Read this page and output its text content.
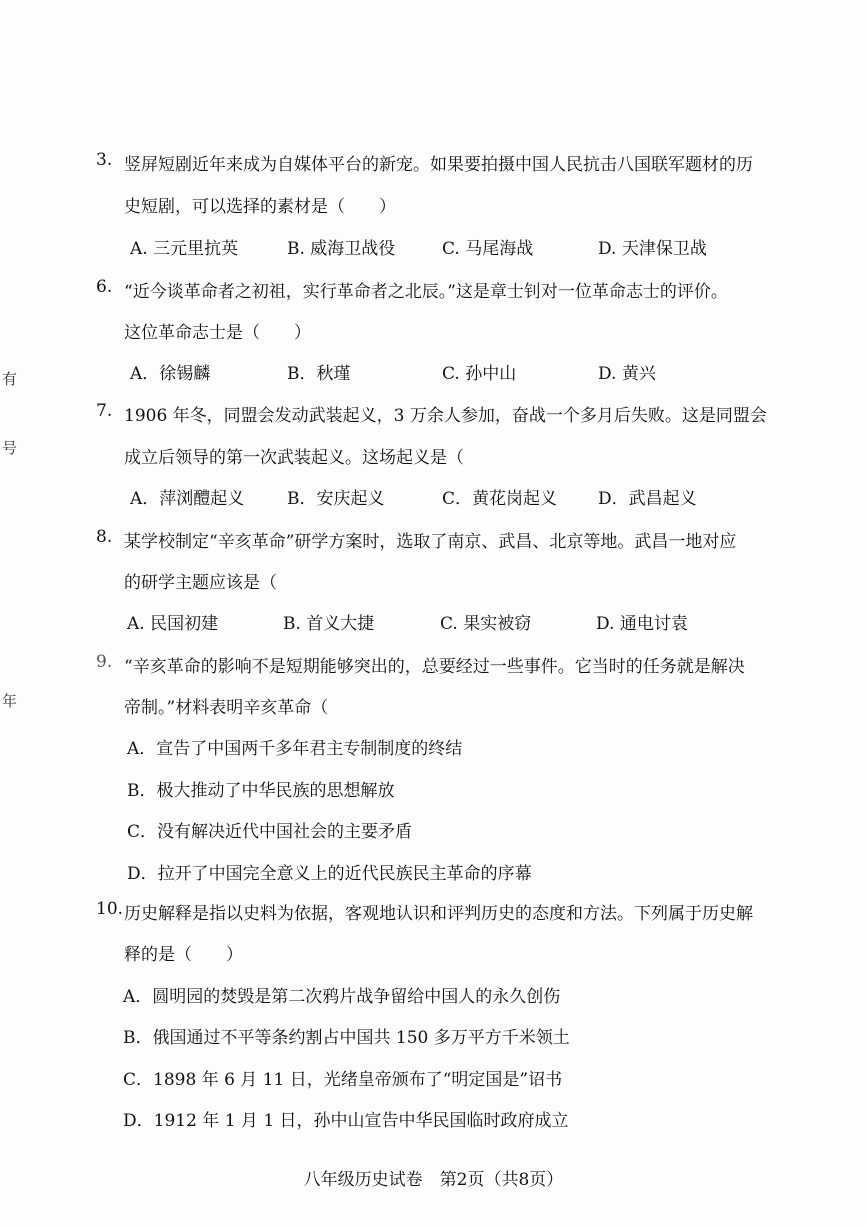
有
号
年
3. 竖屏短剧近年来成为自媒体平台的新宠。如果要拍摄中国人民抗击八国联军题材的历
史短剧，可以选择的素材是（　　）
A. 三元里抗英	B. 威海卫战役	C. 马尾海战	D. 天津保卫战
6. “近今谈革命者之初祖，实行革命者之北辰。”这是章士钊对一位革命志士的评价。
这位革命志士是（　　）
A．徐锡麟	B．秋瑾	C. 孙中山	D. 黄兴
7. 1906 年冬，同盟会发动武装起义，3 万余人参加，奋战一个多月后失败。这是同盟会
成立后领导的第一次武装起义。这场起义是（
A．萍浏醴起义	B．安庆起义	C．黄花岗起义 D．武昌起义
8. 某学校制定“辛亥革命”研学方案时，选取了南京、武昌、北京等地。武昌一地对应
的研学主题应该是（
A. 民国初建	B. 首义大捷	C. 果实被窃	D. 通电讨袁
9. “辛亥革命的影响不是短期能够突出的，总要经过一些事件。它当时的任务就是解决
帝制。”材料表明辛亥革命（
A．宣告了中国两千多年君主专制制度的终结
B．极大推动了中华民族的思想解放
C．没有解决近代中国社会的主要矛盾
D．拉开了中国完全意义上的近代民族民主革命的序幕
10. 历史解释是指以史料为依据，客观地认识和评判历史的态度和方法。下列属于历史解
释的是（　　）
A．圆明园的焚毁是第二次鸦片战争留给中国人的永久创伤
B．俄国通过不平等条约割占中国共 150 多万平方千米领土
C．1898 年 6 月 11 日，光绪皇帝颁布了“明定国是”诏书
D．1912 年 1 月 1 日，孙中山宣告中华民国临时政府成立
八年级历史试卷　第2页（共8页）
